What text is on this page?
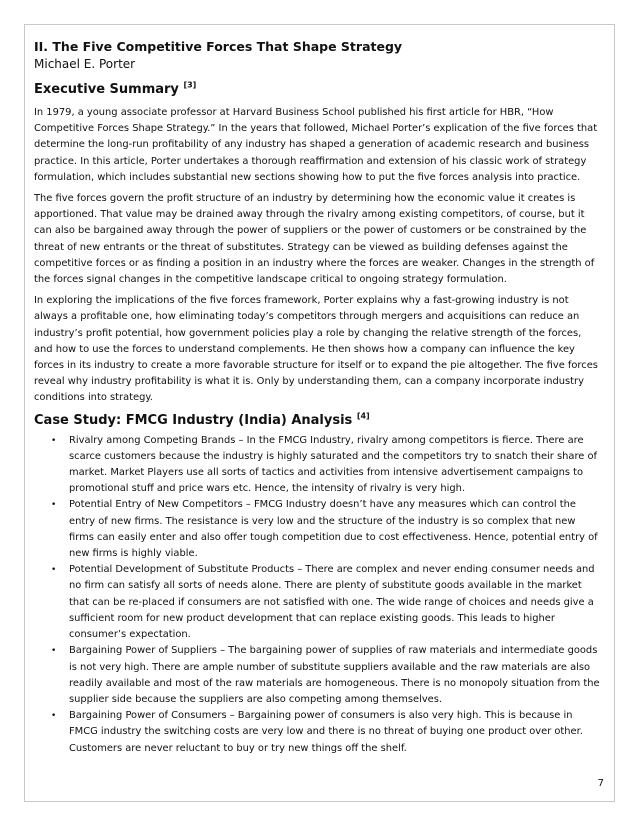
II. The Five Competitive Forces That Shape Strategy
Michael E. Porter
Executive Summary [3]

In 1979, a young associate professor at Harvard Business School published his first article for HBR, “How Competitive Forces Shape Strategy.” In the years that followed, Michael Porter’s explication of the five forces that determine the long-run profitability of any industry has shaped a generation of academic research and business practice. In this article, Porter undertakes a thorough reaffirmation and extension of his classic work of strategy formulation, which includes substantial new sections showing how to put the five forces analysis into practice.

The five forces govern the profit structure of an industry by determining how the economic value it creates is apportioned. That value may be drained away through the rivalry among existing competitors, of course, but it can also be bargained away through the power of suppliers or the power of customers or be constrained by the threat of new entrants or the threat of substitutes. Strategy can be viewed as building defenses against the competitive forces or as finding a position in an industry where the forces are weaker. Changes in the strength of the forces signal changes in the competitive landscape critical to ongoing strategy formulation.

In exploring the implications of the five forces framework, Porter explains why a fast-growing industry is not always a profitable one, how eliminating today’s competitors through mergers and acquisitions can reduce an industry’s profit potential, how government policies play a role by changing the relative strength of the forces, and how to use the forces to understand complements. He then shows how a company can influence the key forces in its industry to create a more favorable structure for itself or to expand the pie altogether. The five forces reveal why industry profitability is what it is. Only by understanding them, can a company incorporate industry conditions into strategy.

Case Study: FMCG Industry (India) Analysis [4]
• Rivalry among Competing Brands – In the FMCG Industry, rivalry among competitors is fierce. There are scarce customers because the industry is highly saturated and the competitors try to snatch their share of market. Market Players use all sorts of tactics and activities from intensive advertisement campaigns to promotional stuff and price wars etc. Hence, the intensity of rivalry is very high.
• Potential Entry of New Competitors – FMCG Industry doesn’t have any measures which can control the entry of new firms. The resistance is very low and the structure of the industry is so complex that new firms can easily enter and also offer tough competition due to cost effectiveness. Hence, potential entry of new firms is highly viable.
• Potential Development of Substitute Products – There are complex and never ending consumer needs and no firm can satisfy all sorts of needs alone. There are plenty of substitute goods available in the market that can be re-placed if consumers are not satisfied with one. The wide range of choices and needs give a sufficient room for new product development that can replace existing goods. This leads to higher consumer’s expectation.
• Bargaining Power of Suppliers – The bargaining power of supplies of raw materials and intermediate goods is not very high. There are ample number of substitute suppliers available and the raw materials are also readily available and most of the raw materials are homogeneous. There is no monopoly situation from the supplier side because the suppliers are also competing among themselves.
• Bargaining Power of Consumers – Bargaining power of consumers is also very high. This is because in FMCG industry the switching costs are very low and there is no threat of buying one product over other. Customers are never reluctant to buy or try new things off the shelf.
7
